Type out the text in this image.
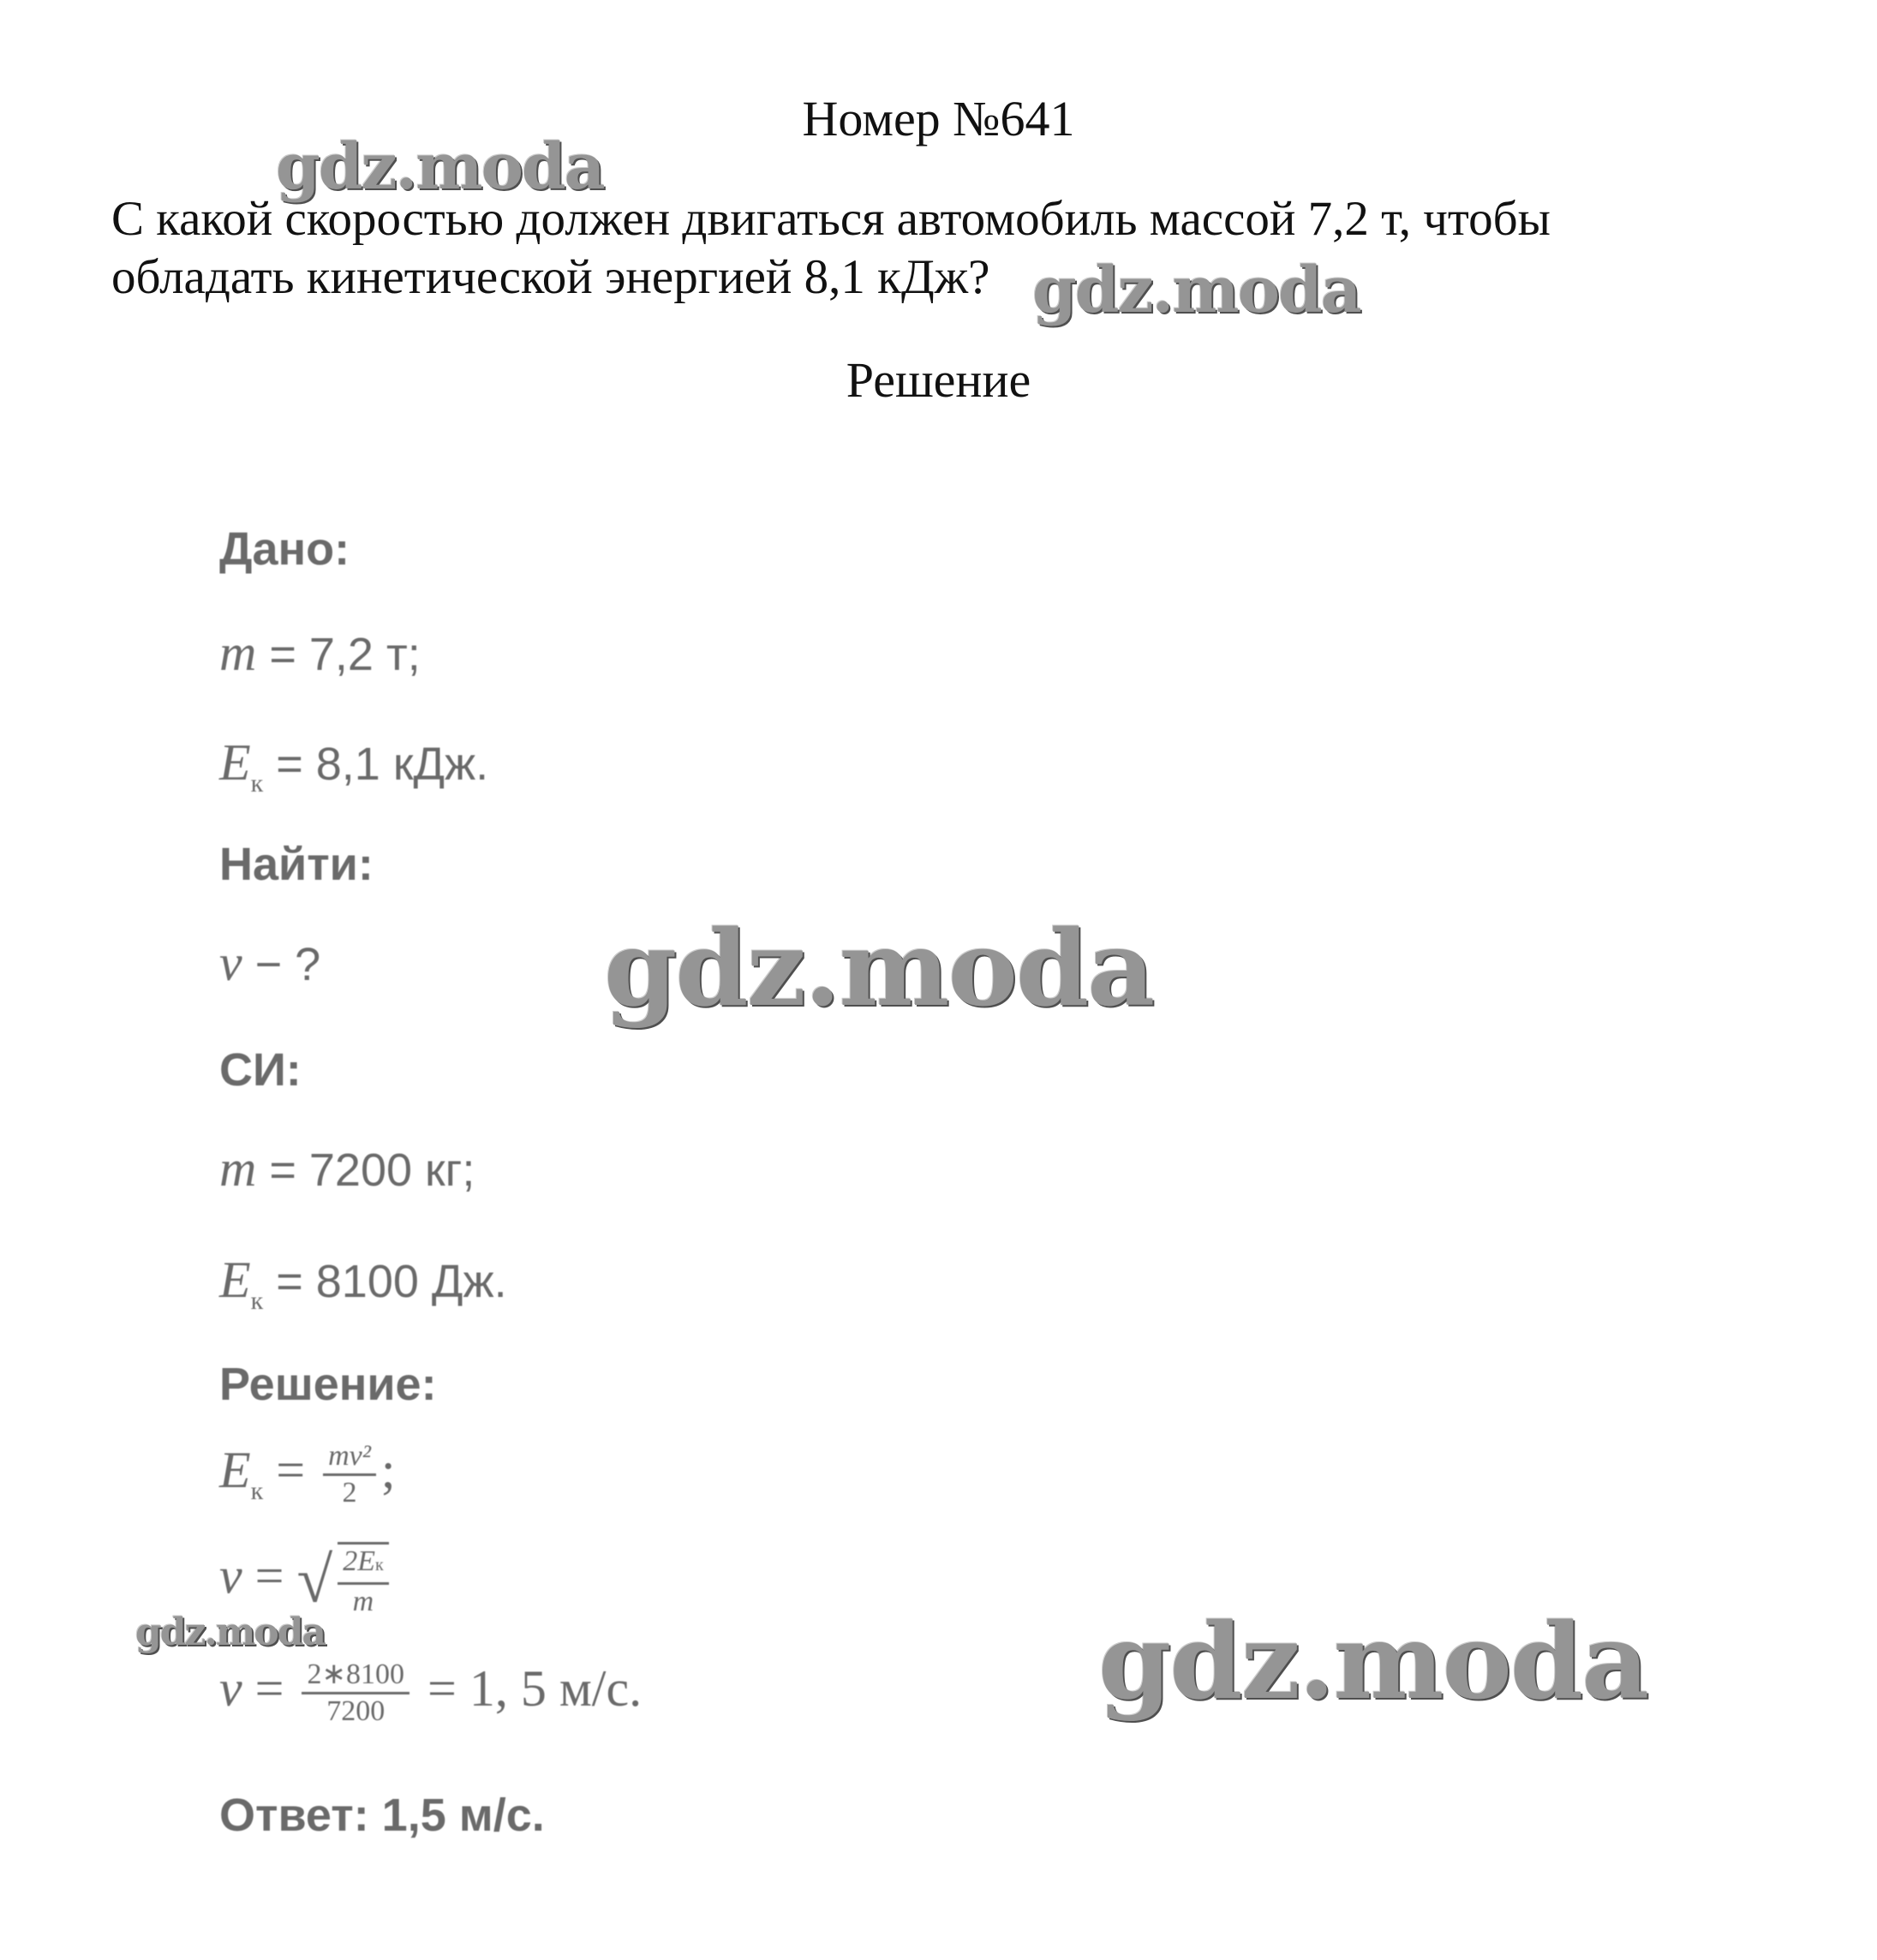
Номер №641
С какой скоростью должен двигаться автомобиль массой 7,2 т, чтобы
обладать кинетической энергией 8,1 кДж?
Решение
Дано:
m = 7,2 т;
$E_к = 8,1$ кДж.
Найти:
v − ?
СИ:
m = 7200 кг;
$E_к = 8100$ Дж.
Решение:
$E_к = \frac{\text{mv²}}{2}$ ;
v = √ $\frac{2Eк}{m}$
$v = \frac{2∗8100}{7200} = 1$, 5 м/с.
Ответ: 1,5 м/с.
gdz.moda
gdz.moda
gdz.moda
gdz.moda	gdz.moda
